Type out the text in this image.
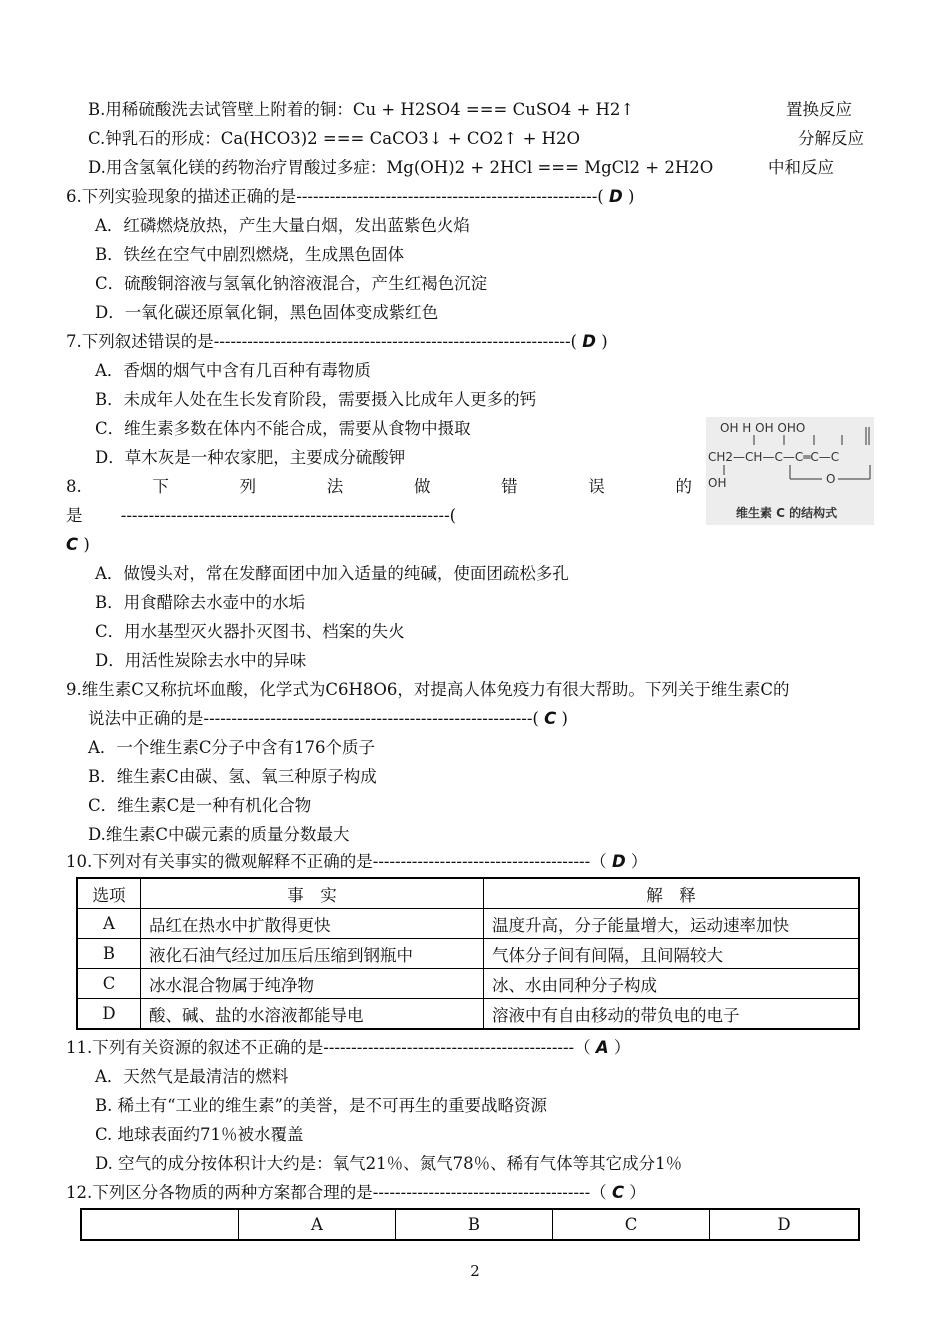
B.用稀硫酸洗去试管壁上附着的铜：Cu + H2SO4 === CuSO4 + H2↑	置换反应
C.钟乳石的形成：Ca(HCO3)2 === CaCO3↓ + CO2↑ + H2O	分解反应
D.用含氢氧化镁的药物治疗胃酸过多症：Mg(OH)2 + 2HCl === MgCl2 + 2H2O	中和反应
6.下列实验现象的描述正确的是------------------------------------------------------( D )
A．红磷燃烧放热，产生大量白烟，发出蓝紫色火焰
B．铁丝在空气中剧烈燃烧，生成黑色固体
C．硫酸铜溶液与氢氧化钠溶液混合，产生红褐色沉淀
D．一氧化碳还原氧化铜，黑色固体变成紫红色
7.下列叙述错误的是----------------------------------------------------------------( D )
A．香烟的烟气中含有几百种有毒物质
B．未成年人处在生长发育阶段，需要摄入比成年人更多的钙
C．维生素多数在体内不能合成，需要从食物中摄取
D．草木灰是一种农家肥，主要成分硫酸钾
OH H OH OHO
CH2—CH—C—C═C—C
OH	O
维生素 C 的结构式
8.	下	列	法	做	错	误	的
是　　 -----------------------------------------------------------(
C )
A．做馒头对，常在发酵面团中加入适量的纯碱，使面团疏松多孔
B．用食醋除去水壶中的水垢
C．用水基型灭火器扑灭图书、档案的失火
D．用活性炭除去水中的异味
9.维生素C又称抗坏血酸，化学式为C6H8O6，对提高人体免疫力有很大帮助。下列关于维生素C的
说法中正确的是-----------------------------------------------------------( C )
A．一个维生素C分子中含有176个质子
B．维生素C由碳、氢、氧三种原子构成
C．维生素C是一种有机化合物
D.维生素C中碳元素的质量分数最大
10.下列对有关事实的微观解释不正确的是---------------------------------------（ D ）
选项	事　实	解　释
A	品红在热水中扩散得更快	温度升高，分子能量增大，运动速率加快
B	液化石油气经过加压后压缩到钢瓶中	气体分子间有间隔，且间隔较大
C	冰水混合物属于纯净物	冰、水由同种分子构成
D	酸、碱、盐的水溶液都能导电	溶液中有自由移动的带负电的电子
11.下列有关资源的叙述不正确的是---------------------------------------------（ A ）
A．天然气是最清洁的燃料
B. 稀土有“工业的维生素”的美誉，是不可再生的重要战略资源
C. 地球表面约71％被水覆盖
D. 空气的成分按体积计大约是：氧气21％、氮气78％、稀有气体等其它成分1％
12.下列区分各物质的两种方案都合理的是---------------------------------------（ C ）
	A	B	C	D
2
